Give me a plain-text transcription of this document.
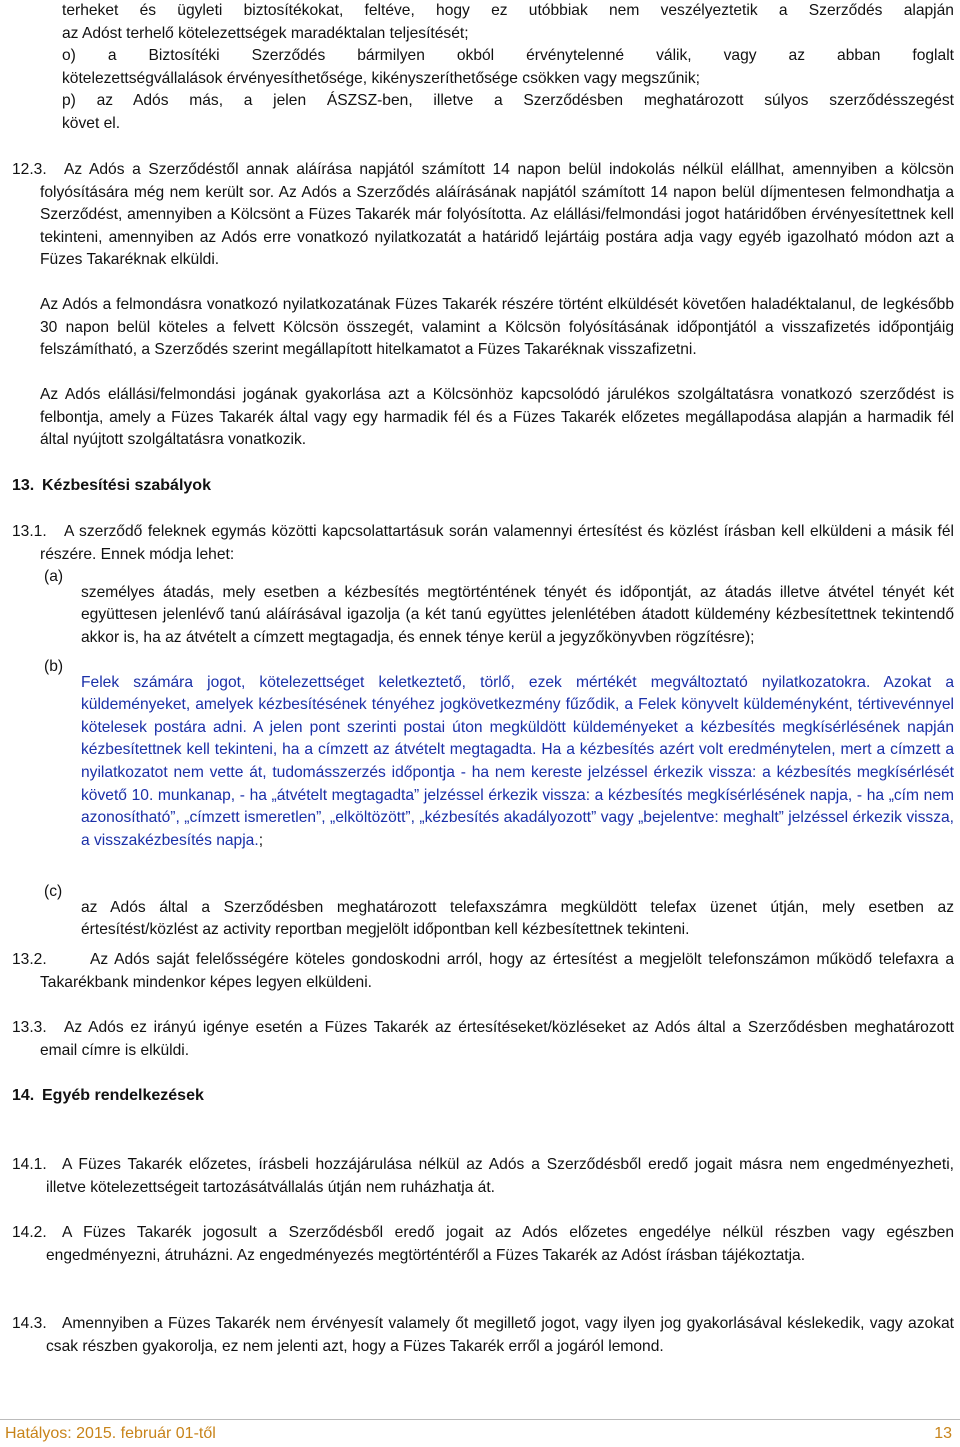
terheket és ügyleti biztosítékokat, feltéve, hogy ez utóbbiak nem veszélyeztetik a Szerződés alapján

az Adóst terhelő kötelezettségek maradéktalan teljesítését;

o) a Biztosítéki Szerződés bármilyen okból érvénytelenné válik, vagy az abban foglalt

kötelezettségvállalások érvényesíthetősége, kikényszeríthetősége csökken vagy megszűnik;

p) az Adós más, a jelen ÁSZSZ-ben, illetve a Szerződésben meghatározott súlyos szerződésszegést

követ el.

12.3.	Az Adós a Szerződéstől annak aláírása napjától számított 14 napon belül indokolás nélkül elállhat, amennyiben a kölcsön folyósítására még nem került sor. Az Adós a Szerződés aláírásának napjától számított 14 napon belül díjmentesen felmondhatja a Szerződést, amennyiben a Kölcsönt a Füzes Takarék már folyósította. Az elállási/felmondási jogot határidőben érvényesítettnek kell tekinteni, amennyiben az Adós erre vonatkozó nyilatkozatát a határidő lejártáig postára adja vagy egyéb igazolható módon azt a Füzes Takaréknak elküldi.

Az Adós a felmondásra vonatkozó nyilatkozatának Füzes Takarék részére történt elküldését követően haladéktalanul, de legkésőbb 30 napon belül köteles a felvett Kölcsön összegét, valamint a Kölcsön folyósításának időpontjától a visszafizetés időpontjáig felszámítható, a Szerződés szerint megállapított hitelkamatot a Füzes Takaréknak visszafizetni.

Az Adós elállási/felmondási jogának gyakorlása azt a Kölcsönhöz kapcsolódó járulékos szolgáltatásra vonatkozó szerződést is felbontja, amely a Füzes Takarék által vagy egy harmadik fél és a Füzes Takarék előzetes megállapodása alapján a harmadik fél által nyújtott szolgáltatásra vonatkozik.

13. Kézbesítési szabályok
13.1.	A szerződő feleknek egymás közötti kapcsolattartásuk során valamennyi értesítést és közlést írásban kell elküldeni a másik fél részére. Ennek módja lehet:

(a)

személyes átadás, mely esetben a kézbesítés megtörténtének tényét és időpontját, az átadás illetve átvétel tényét két együttesen jelenlévő tanú aláírásával igazolja (a két tanú együttes jelenlétében átadott küldemény kézbesítettnek tekintendő akkor is, ha az átvételt a címzett megtagadja, és ennek ténye kerül a jegyzőkönyvben rögzítésre);

(b)

Felek számára jogot, kötelezettséget keletkeztető, törlő, ezek mértékét megváltoztató nyilatkozatokra. Azokat a küldeményeket, amelyek kézbesítésének tényéhez jogkövetkezmény fűződik, a Felek könyvelt küldeményként, tértivevénnyel kötelesek postára adni. A jelen pont szerinti postai úton megküldött küldeményeket a kézbesítés megkísérlésének napján kézbesítettnek kell tekinteni, ha a címzett az átvételt megtagadta. Ha a kézbesítés azért volt eredménytelen, mert a címzett a nyilatkozatot nem vette át, tudomásszerzés időpontja - ha nem kereste jelzéssel érkezik vissza: a kézbesítés megkísérlését követő 10. munkanap, - ha „átvételt megtagadta” jelzéssel érkezik vissza: a kézbesítés megkísérlésének napja, - ha „cím nem azonosítható”, „címzett ismeretlen”, „elköltözött”, „kézbesítés akadályozott” vagy „bejelentve: meghalt” jelzéssel érkezik vissza, a visszakézbesítés napja.;

(c)

az Adós által a Szerződésben meghatározott telefaxszámra megküldött telefax üzenet útján, mely esetben az értesítést/közlést az activity reportban megjelölt időpontban kell kézbesítettnek tekinteni.

13.2.	Az Adós saját felelősségére köteles gondoskodni arról, hogy az értesítést a megjelölt telefonszámon működő telefaxra a Takarékbank mindenkor képes legyen elküldeni.

13.3.	Az Adós ez irányú igénye esetén a Füzes Takarék az értesítéseket/közléseket az Adós által a Szerződésben meghatározott email címre is elküldi.

14. Egyéb rendelkezések
14.1. A Füzes Takarék előzetes, írásbeli hozzájárulása nélkül az Adós a Szerződésből eredő jogait másra nem engedményezheti, illetve kötelezettségeit tartozásátvállalás útján nem ruházhatja át.

14.2. A Füzes Takarék jogosult a Szerződésből eredő jogait az Adós előzetes engedélye nélkül részben vagy egészben engedményezni, átruházni. Az engedményezés megtörténtéről a Füzes Takarék az Adóst írásban tájékoztatja.

14.3. Amennyiben a Füzes Takarék nem érvényesít valamely őt megillető jogot, vagy ilyen jog gyakorlásával késlekedik, vagy azokat csak részben gyakorolja, ez nem jelenti azt, hogy a Füzes Takarék erről a jogáról lemond.

Hatályos: 2015. február 01-től	13
